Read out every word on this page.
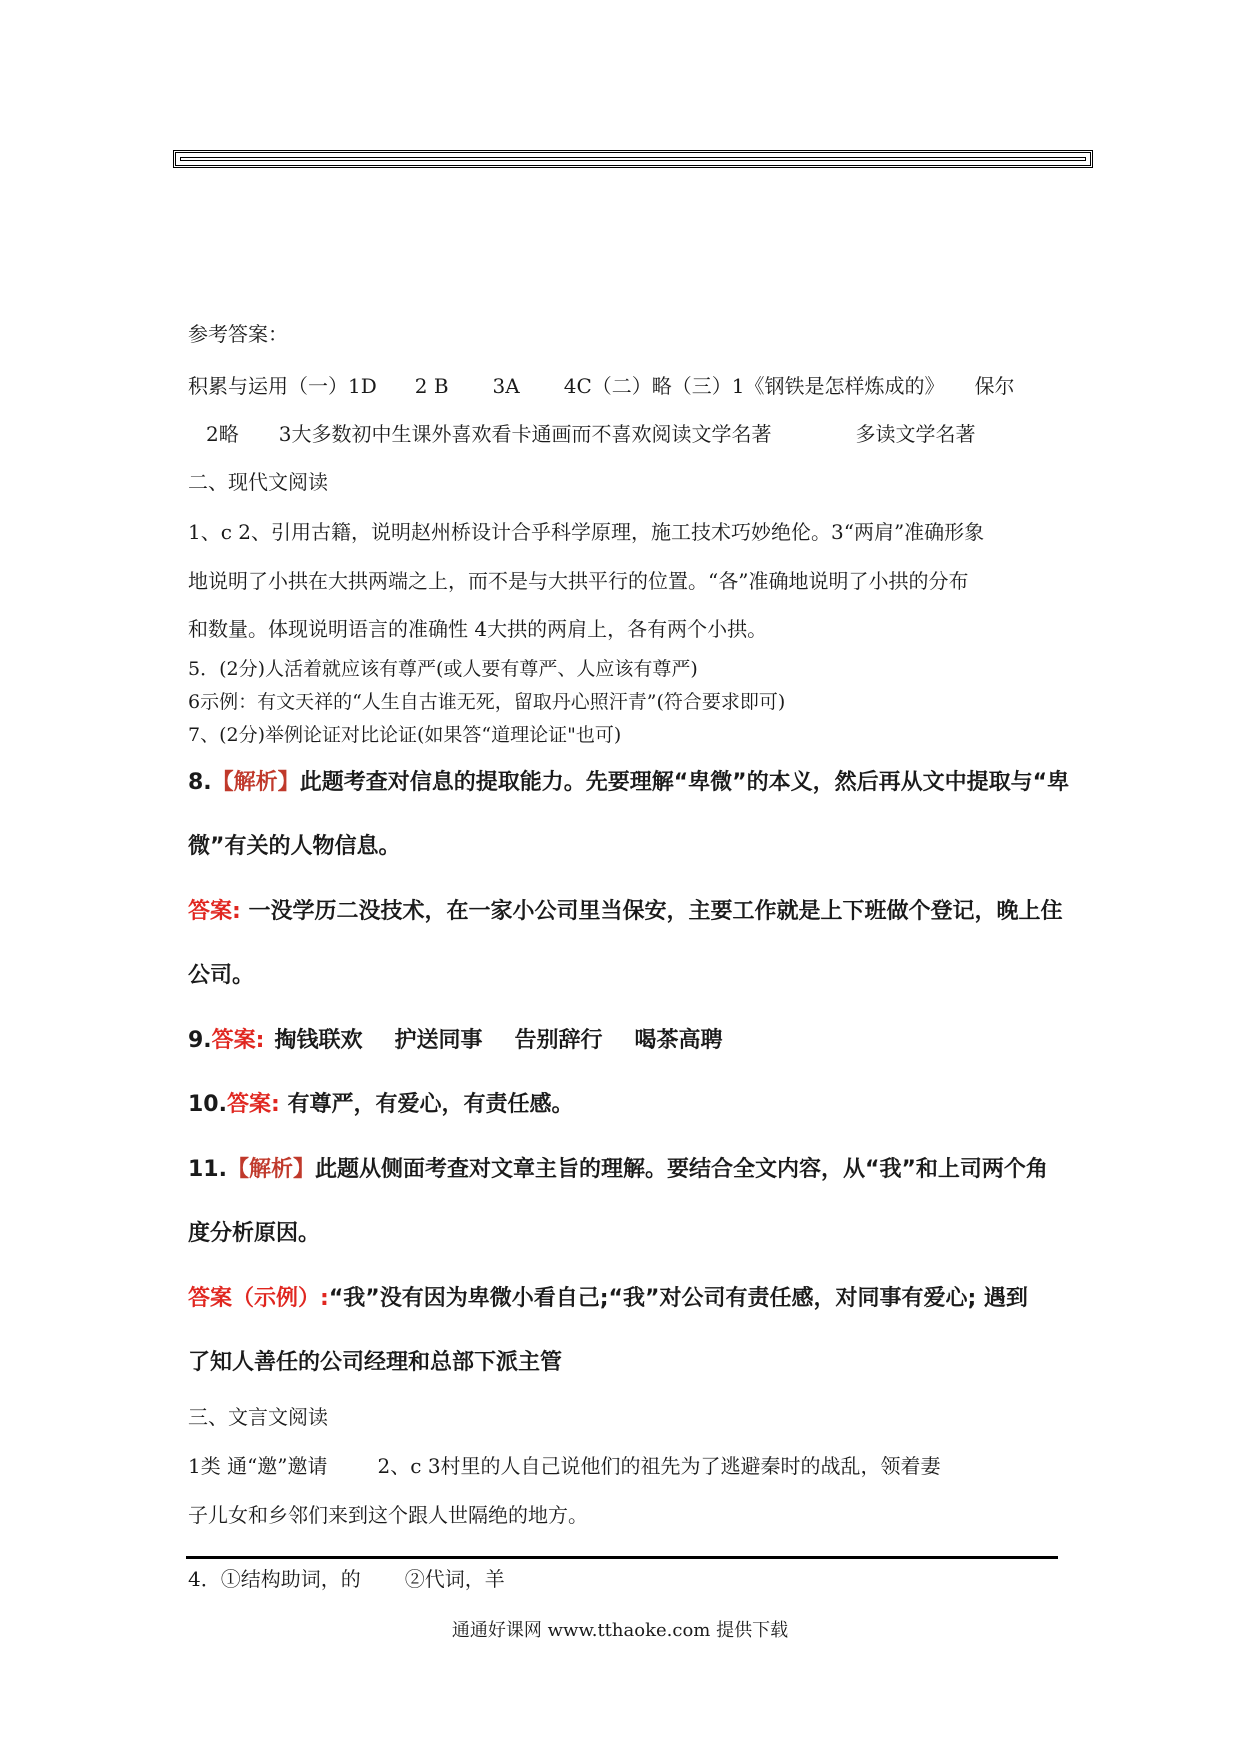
参考答案：
积累与运用（一）1D 2 B 3A 4C（二）略（三）1《钢铁是怎样炼成的》 保尔
2略 3大多数初中生课外喜欢看卡通画而不喜欢阅读文学名著	多读文学名著
二、现代文阅读
1、c 2、引用古籍，说明赵州桥设计合乎科学原理，施工技术巧妙绝伦。3“两肩”准确形象
地说明了小拱在大拱两端之上，而不是与大拱平行的位置。“各”准确地说明了小拱的分布
和数量。体现说明语言的准确性 4大拱的两肩上，各有两个小拱。
5．(2分)人活着就应该有尊严(或人要有尊严、人应该有尊严)
6示例：有文天祥的“人生自古谁无死，留取丹心照汗青”(符合要求即可)
7、(2分)举例论证对比论证(如果答“道理论证"也可)
8.【解析】此题考查对信息的提取能力。先要理解“卑微”的本义，然后再从文中提取与“卑
微”有关的人物信息。
答案: 一没学历二没技术，在一家小公司里当保安，主要工作就是上下班做个登记，晚上住
公司。
9.答案: 掏钱联欢 护送同事 告别辞行 喝茶高聘
10.答案: 有尊严，有爱心，有责任感。
11.【解析】此题从侧面考查对文章主旨的理解。要结合全文内容，从“我”和上司两个角
度分析原因。
答案（示例）:“我”没有因为卑微小看自己;“我”对公司有责任感，对同事有爱心; 遇到
了知人善任的公司经理和总部下派主管
三、文言文阅读
1类 通“邀”邀请	2、c 3村里的人自己说他们的祖先为了逃避秦时的战乱，领着妻
子儿女和乡邻们来到这个跟人世隔绝的地方。
4．①结构助词，的 ②代词，羊
通通好课网 www.tthaoke.com 提供下载
